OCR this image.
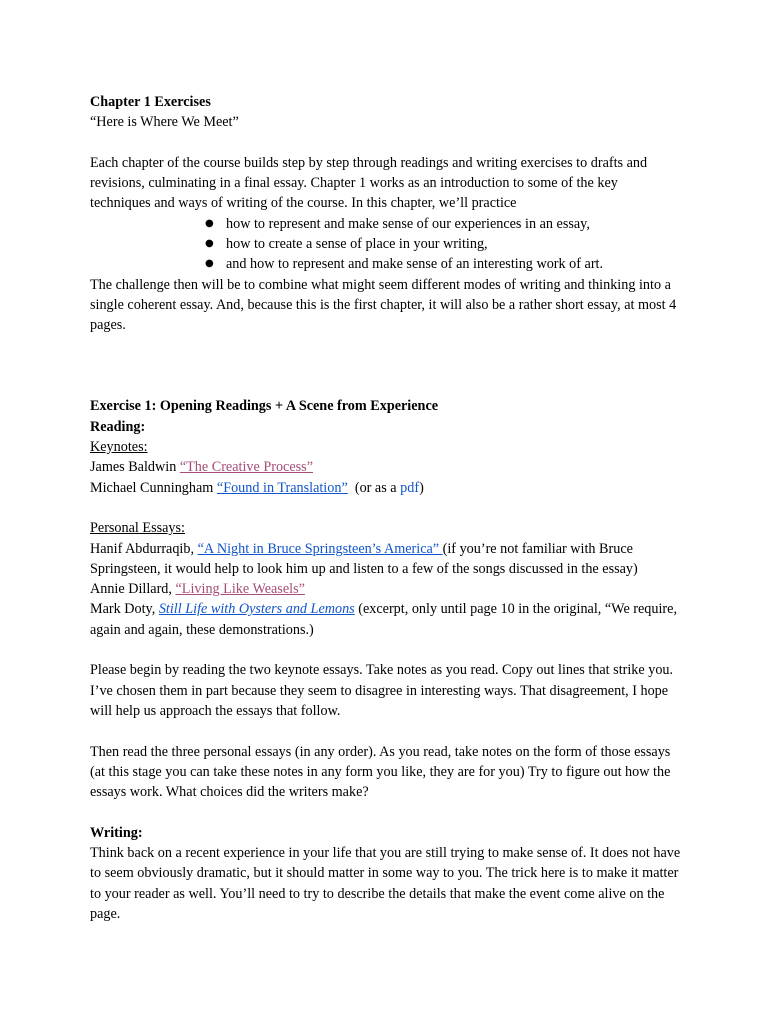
Chapter 1 Exercises

“Here is Where We Meet”

Each chapter of the course builds step by step through readings and writing exercises to drafts and revisions, culminating in a final essay. Chapter 1 works as an introduction to some of the key techniques and ways of writing of the course. In this chapter, we’ll practice

● how to represent and make sense of our experiences in an essay,
● how to create a sense of place in your writing,
● and how to represent and make sense of an interesting work of art.

The challenge then will be to combine what might seem different modes of writing and thinking into a single coherent essay. And, because this is the first chapter, it will also be a rather short essay, at most 4 pages.

Exercise 1: Opening Readings + A Scene from Experience

Reading:

Keynotes:

James Baldwin “The Creative Process”

Michael Cunningham “Found in Translation”  (or as a pdf)

Personal Essays:

Hanif Abdurraqib, “A Night in Bruce Springsteen’s America” (if you’re not familiar with Bruce Springsteen, it would help to look him up and listen to a few of the songs discussed in the essay)

Annie Dillard, “Living Like Weasels”

Mark Doty, Still Life with Oysters and Lemons (excerpt, only until page 10 in the original, “We require, again and again, these demonstrations.)

Please begin by reading the two keynote essays. Take notes as you read. Copy out lines that strike you. I’ve chosen them in part because they seem to disagree in interesting ways. That disagreement, I hope will help us approach the essays that follow.

Then read the three personal essays (in any order). As you read, take notes on the form of those essays (at this stage you can take these notes in any form you like, they are for you) Try to figure out how the essays work. What choices did the writers make?

Writing:

Think back on a recent experience in your life that you are still trying to make sense of. It does not have to seem obviously dramatic, but it should matter in some way to you. The trick here is to make it matter to your reader as well. You’ll need to try to describe the details that make the event come alive on the page.
